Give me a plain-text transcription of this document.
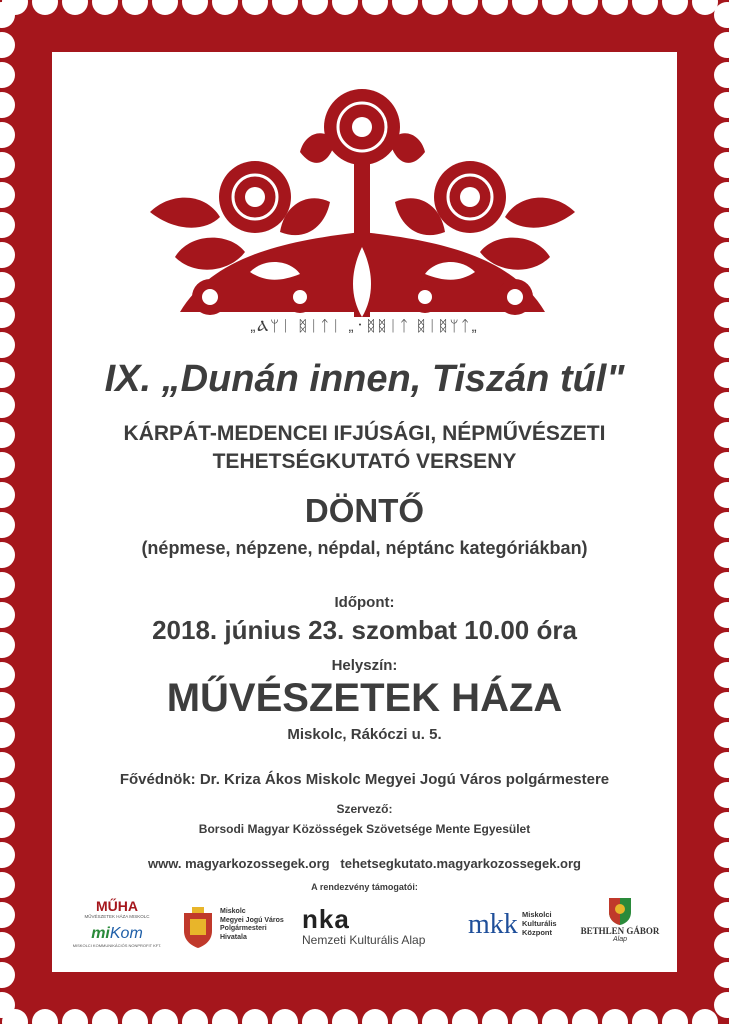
„Ⲁᛘᛁ ᛥᛁᛏᛁ „᛫ᛥᛥᛁᛏ ᛥᛁᛥᛘᛏ„
IX. „Dunán innen, Tiszán túl"
KÁRPÁT-MEDENCEI IFJÚSÁGI, NÉPMŰVÉSZETI
TEHETSÉGKUTATÓ VERSENY
DÖNTŐ
(népmese, népzene, népdal, néptánc kategóriákban)
Időpont:
2018. június 23. szombat 10.00 óra
Helyszín:
MŰVÉSZETEK HÁZA
Miskolc, Rákóczi u. 5.
Fővédnök: Dr. Kriza Ákos Miskolc Megyei Jogú Város polgármestere
Szervező:
Borsodi Magyar Közösségek Szövetsége Mente Egyesület
www. magyarkozossegek.org   tehetsegkutato.magyarkozossegek.org
A rendezvény támogatói:
MŰHA
MŰVÉSZETEK HÁZA MISKOLC
miKom
MISKOLCI KOMMUNIKÁCIÓS NONPROFIT KFT.
Miskolc
Megyei Jogú Város
Polgármesteri
Hivatala
nka
Nemzeti Kulturális Alap	mkk Miskolci
Kulturális
Központ	BETHLEN GÁBOR
Alap
